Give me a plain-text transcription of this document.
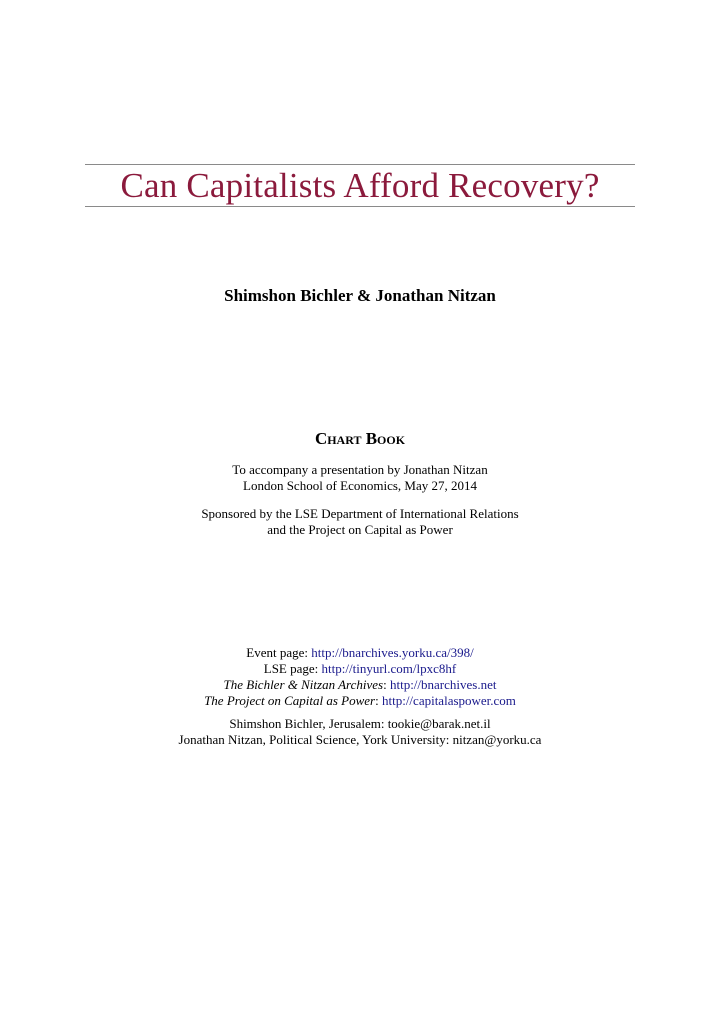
Can Capitalists Afford Recovery?
Shimshon Bichler & Jonathan Nitzan
Chart Book
To accompany a presentation by Jonathan Nitzan
London School of Economics, May 27, 2014
Sponsored by the LSE Department of International Relations
and the Project on Capital as Power
Event page: http://bnarchives.yorku.ca/398/
LSE page: http://tinyurl.com/lpxc8hf
The Bichler & Nitzan Archives: http://bnarchives.net
The Project on Capital as Power: http://capitalaspower.com
Shimshon Bichler, Jerusalem: tookie@barak.net.il
Jonathan Nitzan, Political Science, York University: nitzan@yorku.ca
